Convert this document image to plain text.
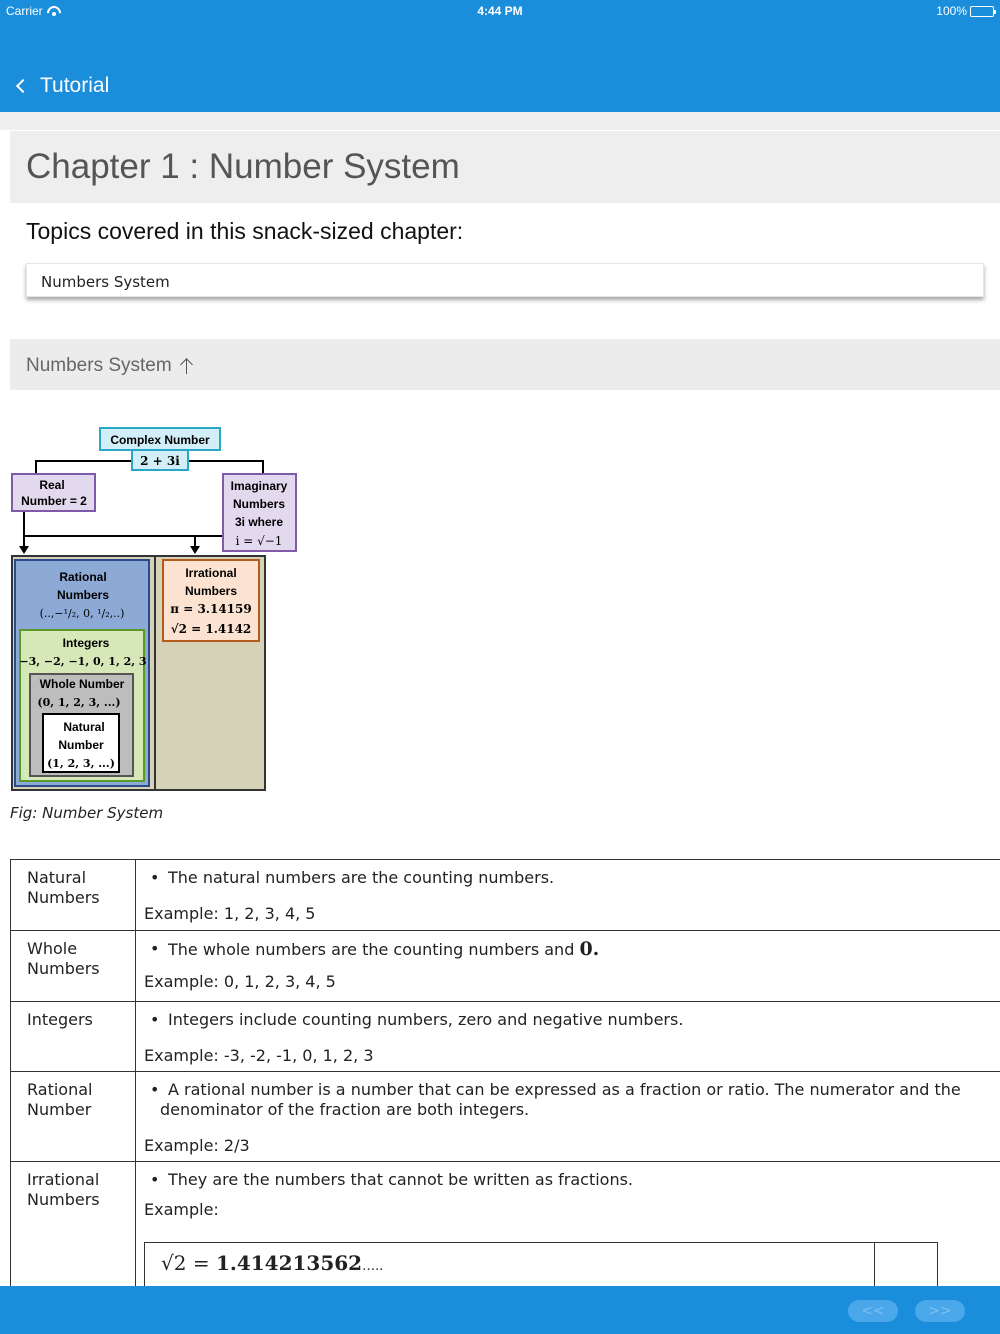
Carrier	4:44 PM	100%
Tutorial
Chapter 1 : Number System
Topics covered in this snack-sized chapter:
Numbers System
Numbers System
Complex Number
2 + 3i
Real
Number = 2
Imaginary
Numbers
3i where
i = √−1
Rational
Numbers
(..,−¹/₂, 0, ¹/₂,..)
Irrational
Numbers
π = 3.14159
√2 = 1.4142
Integers
−3, −2, −1, 0, 1, 2, 3
Whole Number
(0, 1, 2, 3, ...)
Natural
Number
(1, 2, 3, ...)
Fig: Number System
Natural
Numbers
• The natural numbers are the counting numbers.
Example: 1, 2, 3, 4, 5
Whole
Numbers
• The whole numbers are the counting numbers and 0.
Example: 0, 1, 2, 3, 4, 5
Integers
•	Integers include counting numbers, zero and negative numbers.
Example: -3, -2, -1, 0, 1, 2, 3
Rational
Number
• A rational number is a number that can be expressed as a fraction or ratio. The numerator and the denominator of the fraction are both integers.
Example: 2/3
Irrational
Numbers
• They are the numbers that cannot be written as fractions.
Example:
√2 = 1.414213562…..
<<	>>
